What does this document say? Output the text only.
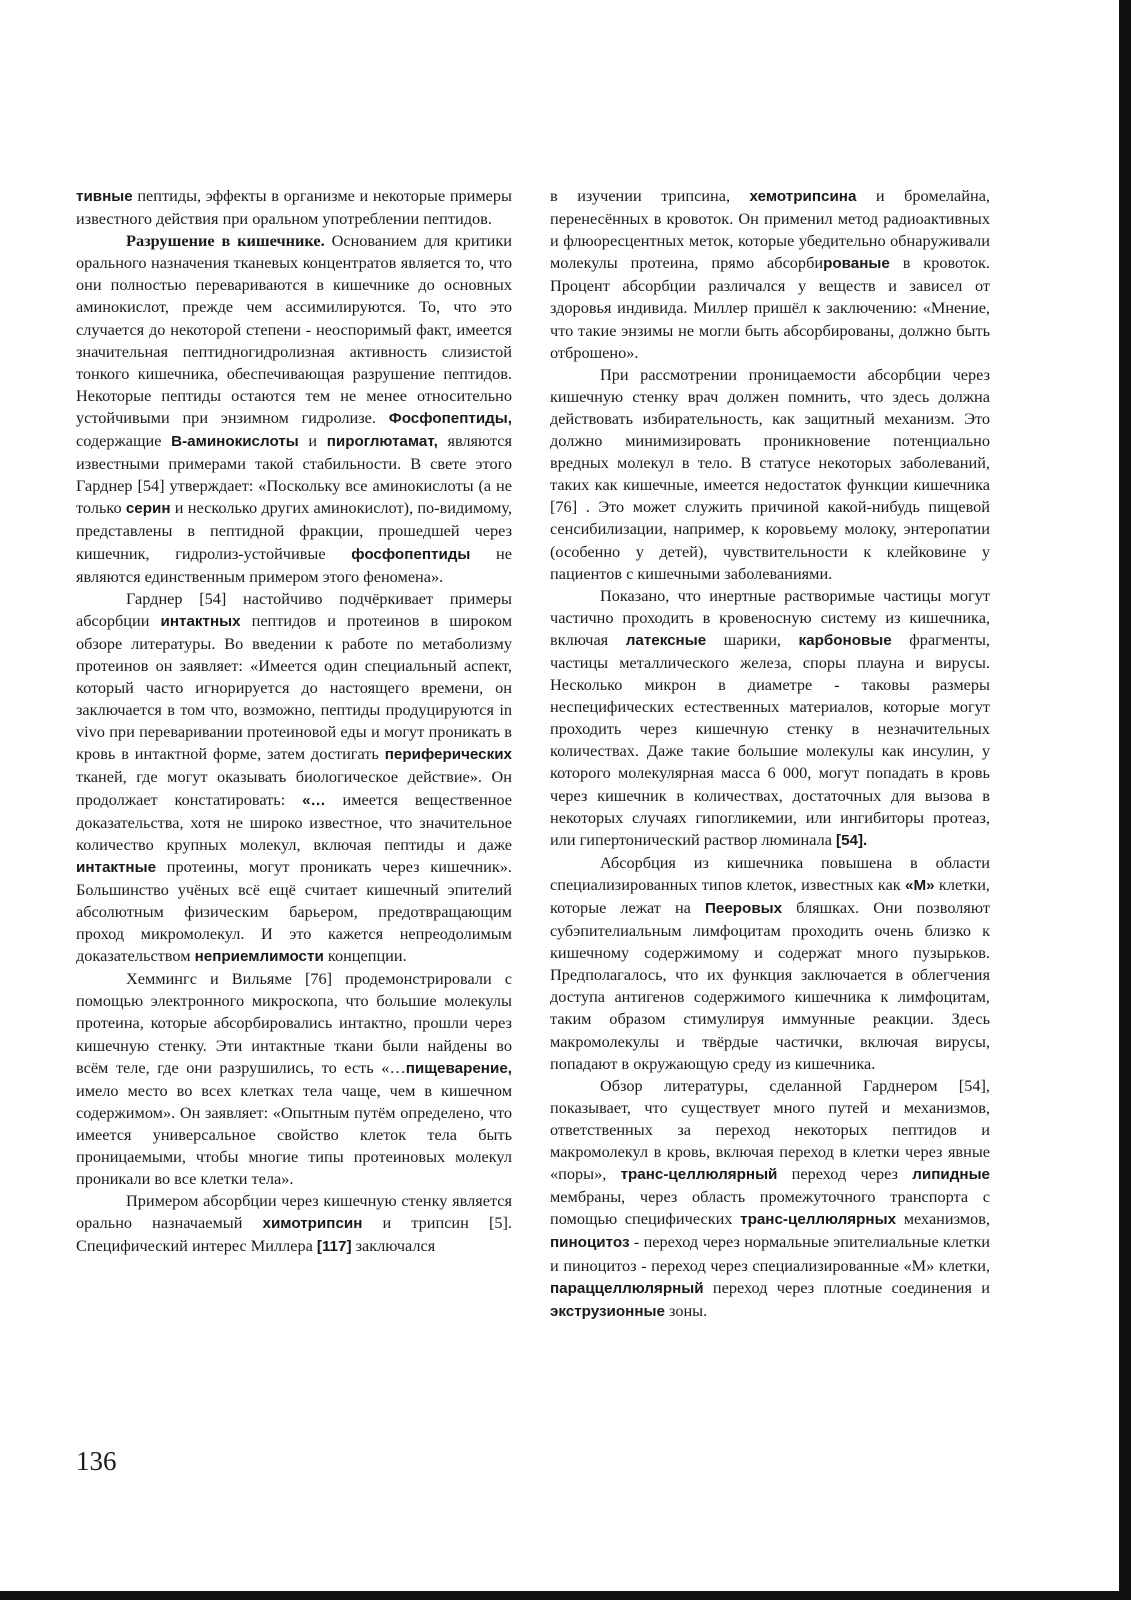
тивные пептиды, эффекты в организме и некоторые примеры известного действия при оральном употреблении пептидов.

Разрушение в кишечнике. Основанием для критики орального назначения тканевых концентратов является то, что они полностью перевариваются в кишечнике до основных аминокислот, прежде чем ассимилируются. То, что это случается до некоторой степени - неоспоримый факт, имеется значительная пептидногидролизная активность слизистой тонкого кишечника, обеспечивающая разрушение пептидов. Некоторые пептиды остаются тем не менее относительно устойчивыми при энзимном гидролизе. Фосфопептиды, содержащие В-аминокислоты и пироглютамат, являются известными примерами такой стабильности. В свете этого Гарднер [54] утверждает: «Поскольку все аминокислоты (а не только серин и несколько других аминокислот), по-видимому, представлены в пептидной фракции, прошедшей через кишечник, гидролиз-устойчивые фосфопептиды не являются единственным примером этого феномена».

Гарднер [54] настойчиво подчёркивает примеры абсорбции интактных пептидов и протеинов в широком обзоре литературы. Во введении к работе по метаболизму протеинов он заявляет: «Имеется один специальный аспект, который часто игнорируется до настоящего времени, он заключается в том что, возможно, пептиды продуцируются in vivo при переваривании протеиновой еды и могут проникать в кровь в интактной форме, затем достигать периферических тканей, где могут оказывать биологическое действие». Он продолжает констатировать: «… имеется вещественное доказательства, хотя не широко известное, что значительное количество крупных молекул, включая пептиды и даже интактные протеины, могут проникать через кишечник». Большинство учёных всё ещё считает кишечный эпителий абсолютным физическим барьером, предотвращающим проход микромолекул. И это кажется непреодолимым доказательством неприемлимости концепции.

Хеммингс и Вильяме [76] продемонстрировали с помощью электронного микроскопа, что большие молекулы протеина, которые абсорбировались интактно, прошли через кишечную стенку. Эти интактные ткани были найдены во всём теле, где они разрушились, то есть «…пищеварение, имело место во всех клетках тела чаще, чем в кишечном содержимом». Он заявляет: «Опытным путём определено, что имеется универсальное свойство клеток тела быть проницаемыми, чтобы многие типы протеиновых молекул проникали во все клетки тела».

Примером абсорбции через кишечную стенку является орально назначаемый химотрипсин и трипсин [5]. Специфический интерес Миллера [117] заключался

в изучении трипсина, хемотрипсина и бромелайна, перенесённых в кровоток. Он применил метод радиоактивных и флюоресцентных меток, которые убедительно обнаруживали молекулы протеина, прямо абсорбированые в кровоток. Процент абсорбции различался у веществ и зависел от здоровья индивида. Миллер пришёл к заключению: «Мнение, что такие энзимы не могли быть абсорбированы, должно быть отброшено».

При рассмотрении проницаемости абсорбции через кишечную стенку врач должен помнить, что здесь должна действовать избирательность, как защитный механизм. Это должно минимизировать проникновение потенциально вредных молекул в тело. В статусе некоторых заболеваний, таких как кишечные, имеется недостаток функции кишечника [76] . Это может служить причиной какой-нибудь пищевой сенсибилизации, например, к коровьему молоку, энтеропатии (особенно у детей), чувствительности к клейковине у пациентов с кишечными заболеваниями.

Показано, что инертные растворимые частицы могут частично проходить в кровеносную систему из кишечника, включая латексные шарики, карбоновые фрагменты, частицы металлического железа, споры плауна и вирусы. Несколько микрон в диаметре - таковы размеры неспецифических естественных материалов, которые могут проходить через кишечную стенку в незначительных количествах. Даже такие большие молекулы как инсулин, у которого молекулярная масса 6 000, могут попадать в кровь через кишечник в количествах, достаточных для вызова в некоторых случаях гипогликемии, или ингибиторы протеаз, или гипертонический раствор люминала [54].

Абсорбция из кишечника повышена в области специализированных типов клеток, известных как «М» клетки, которые лежат на Пееровых бляшках. Они позволяют субэпителиальным лимфоцитам проходить очень близко к кишечному содержимому и содержат много пузырьков. Предполагалось, что их функция заключается в облегчения доступа антигенов содержимого кишечника к лимфоцитам, таким образом стимулируя иммунные реакции. Здесь макромолекулы и твёрдые частички, включая вирусы, попадают в окружающую среду из кишечника.

Обзор литературы, сделанной Гарднером [54], показывает, что существует много путей и механизмов, ответственных за переход некоторых пептидов и макромолекул в кровь, включая переход в клетки через явные «поры», транс-целлюлярный переход через липидные мембраны, через область промежуточного транспорта с помощью специфических транс-целлюлярных механизмов, пиноцитоз - переход через нормальные эпителиальные клетки и пиноцитоз - переход через специализированные «М» клетки, параццеллюлярный переход через плотные соединения и экструзионные зоны.

136
